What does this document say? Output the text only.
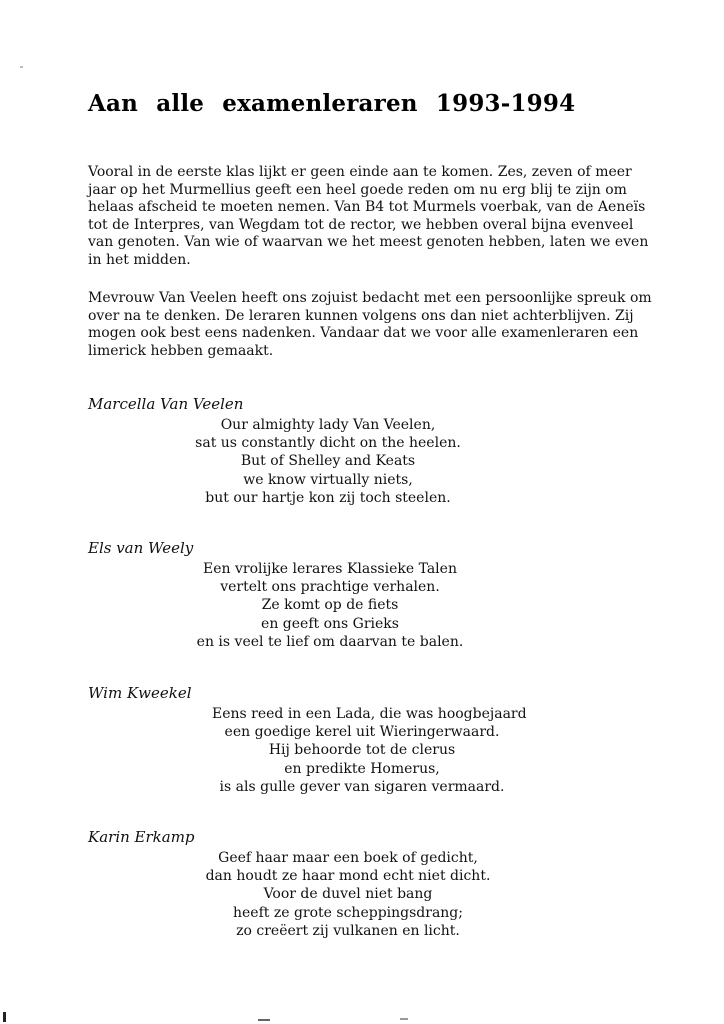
Aan alle examenleraren 1993-1994

Vooral in de eerste klas lijkt er geen einde aan te komen. Zes, zeven of meer
jaar op het Murmellius geeft een heel goede reden om nu erg blij te zijn om
helaas afscheid te moeten nemen. Van B4 tot Murmels voerbak, van de Aeneïs
tot de Interpres, van Wegdam tot de rector, we hebben overal bijna evenveel
van genoten. Van wie of waarvan we het meest genoten hebben, laten we even
in het midden.

Mevrouw Van Veelen heeft ons zojuist bedacht met een persoonlijke spreuk om
over na te denken. De leraren kunnen volgens ons dan niet achterblijven. Zij
mogen ook best eens nadenken. Vandaar dat we voor alle examenleraren een
limerick hebben gemaakt.

Marcella Van Veelen
Our almighty lady Van Veelen,
sat us constantly dicht on the heelen.
But of Shelley and Keats
we know virtually niets,
but our hartje kon zij toch steelen.
Els van Weely
Een vrolijke lerares Klassieke Talen
vertelt ons prachtige verhalen.
Ze komt op de fiets
en geeft ons Grieks
en is veel te lief om daarvan te balen.
Wim Kweekel
Eens reed in een Lada, die was hoogbejaard
een goedige kerel uit Wieringerwaard.
Hij behoorde tot de clerus
en predikte Homerus,
is als gulle gever van sigaren vermaard.
Karin Erkamp
Geef haar maar een boek of gedicht,
dan houdt ze haar mond echt niet dicht.
Voor de duvel niet bang
heeft ze grote scheppingsdrang;
zo creëert zij vulkanen en licht.
